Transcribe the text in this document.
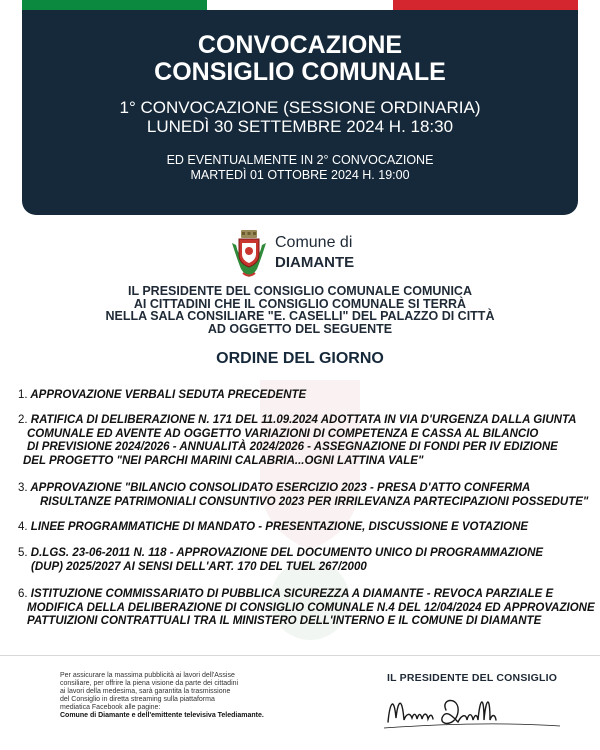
CONVOCAZIONE
CONSIGLIO COMUNALE
1° CONVOCAZIONE (SESSIONE ORDINARIA)
LUNEDÌ 30 SETTEMBRE 2024 H. 18:30
ED EVENTUALMENTE IN 2° CONVOCAZIONE
MARTEDÌ 01 OTTOBRE 2024 H. 19:00
Comune di
DIAMANTE
IL PRESIDENTE DEL CONSIGLIO COMUNALE COMUNICA
AI CITTADINI CHE IL CONSIGLIO COMUNALE SI TERRÀ
NELLA SALA CONSILIARE "E. CASELLI" DEL PALAZZO DI CITTÀ
AD OGGETTO DEL SEGUENTE
ORDINE DEL GIORNO
1. APPROVAZIONE VERBALI SEDUTA PRECEDENTE
2. RATIFICA DI DELIBERAZIONE N. 171 DEL 11.09.2024 ADOTTATA IN VIA D'URGENZA DALLA GIUNTA
COMUNALE ED AVENTE AD OGGETTO VARIAZIONI DI COMPETENZA E CASSA AL BILANCIO
DI PREVISIONE 2024/2026 - ANNUALITÀ 2024/2026 - ASSEGNAZIONE DI FONDI PER IV EDIZIONE
DEL PROGETTO "NEI PARCHI MARINI CALABRIA...OGNI LATTINA VALE"
3. APPROVAZIONE "BILANCIO CONSOLIDATO ESERCIZIO 2023 - PRESA D'ATTO CONFERMA
RISULTANZE PATRIMONIALI CONSUNTIVO 2023 PER IRRILEVANZA PARTECIPAZIONI POSSEDUTE"
4. LINEE PROGRAMMATICHE DI MANDATO - PRESENTAZIONE, DISCUSSIONE E VOTAZIONE
5. D.LGS. 23-06-2011 N. 118 - APPROVAZIONE DEL DOCUMENTO UNICO DI PROGRAMMAZIONE
(DUP) 2025/2027 AI SENSI DELL'ART. 170 DEL TUEL 267/2000
6. ISTITUZIONE COMMISSARIATO DI PUBBLICA SICUREZZA A DIAMANTE - REVOCA PARZIALE E
MODIFICA DELLA DELIBERAZIONE DI CONSIGLIO COMUNALE N.4 DEL 12/04/2024 ED APPROVAZIONE
PATTUIZIONI CONTRATTUALI TRA IL MINISTERO DELL'INTERNO E IL COMUNE DI DIAMANTE
Per assicurare la massima pubblicità ai lavori dell'Assise
consiliare, per offrire la piena visione da parte dei cittadini
ai lavori della medesima, sarà garantita la trasmissione
del Consiglio in diretta streaming sulla piattaforma
mediatica Facebook alle pagine:
Comune di Diamante e dell'emittente televisiva Telediamante.
IL PRESIDENTE DEL CONSIGLIO
